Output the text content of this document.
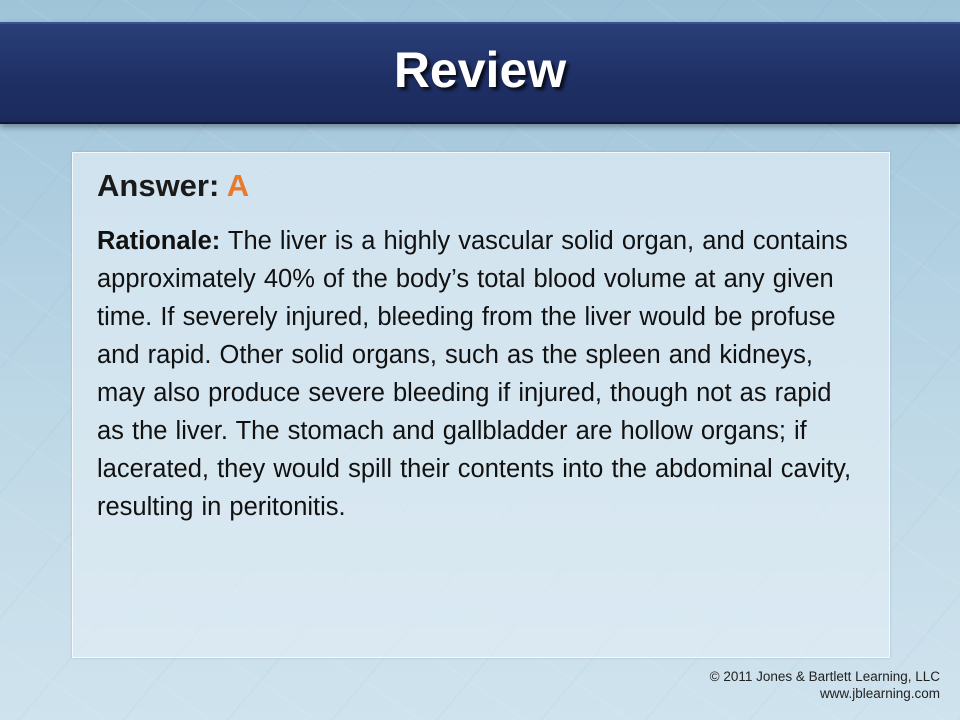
Review
Answer: A
Rationale: The liver is a highly vascular solid organ, and contains approximately 40% of the body’s total blood volume at any given time. If severely injured, bleeding from the liver would be profuse and rapid. Other solid organs, such as the spleen and kidneys, may also produce severe bleeding if injured, though not as rapid as the liver. The stomach and gallbladder are hollow organs; if lacerated, they would spill their contents into the abdominal cavity, resulting in peritonitis.
© 2011 Jones & Bartlett Learning, LLC
www.jblearning.com
